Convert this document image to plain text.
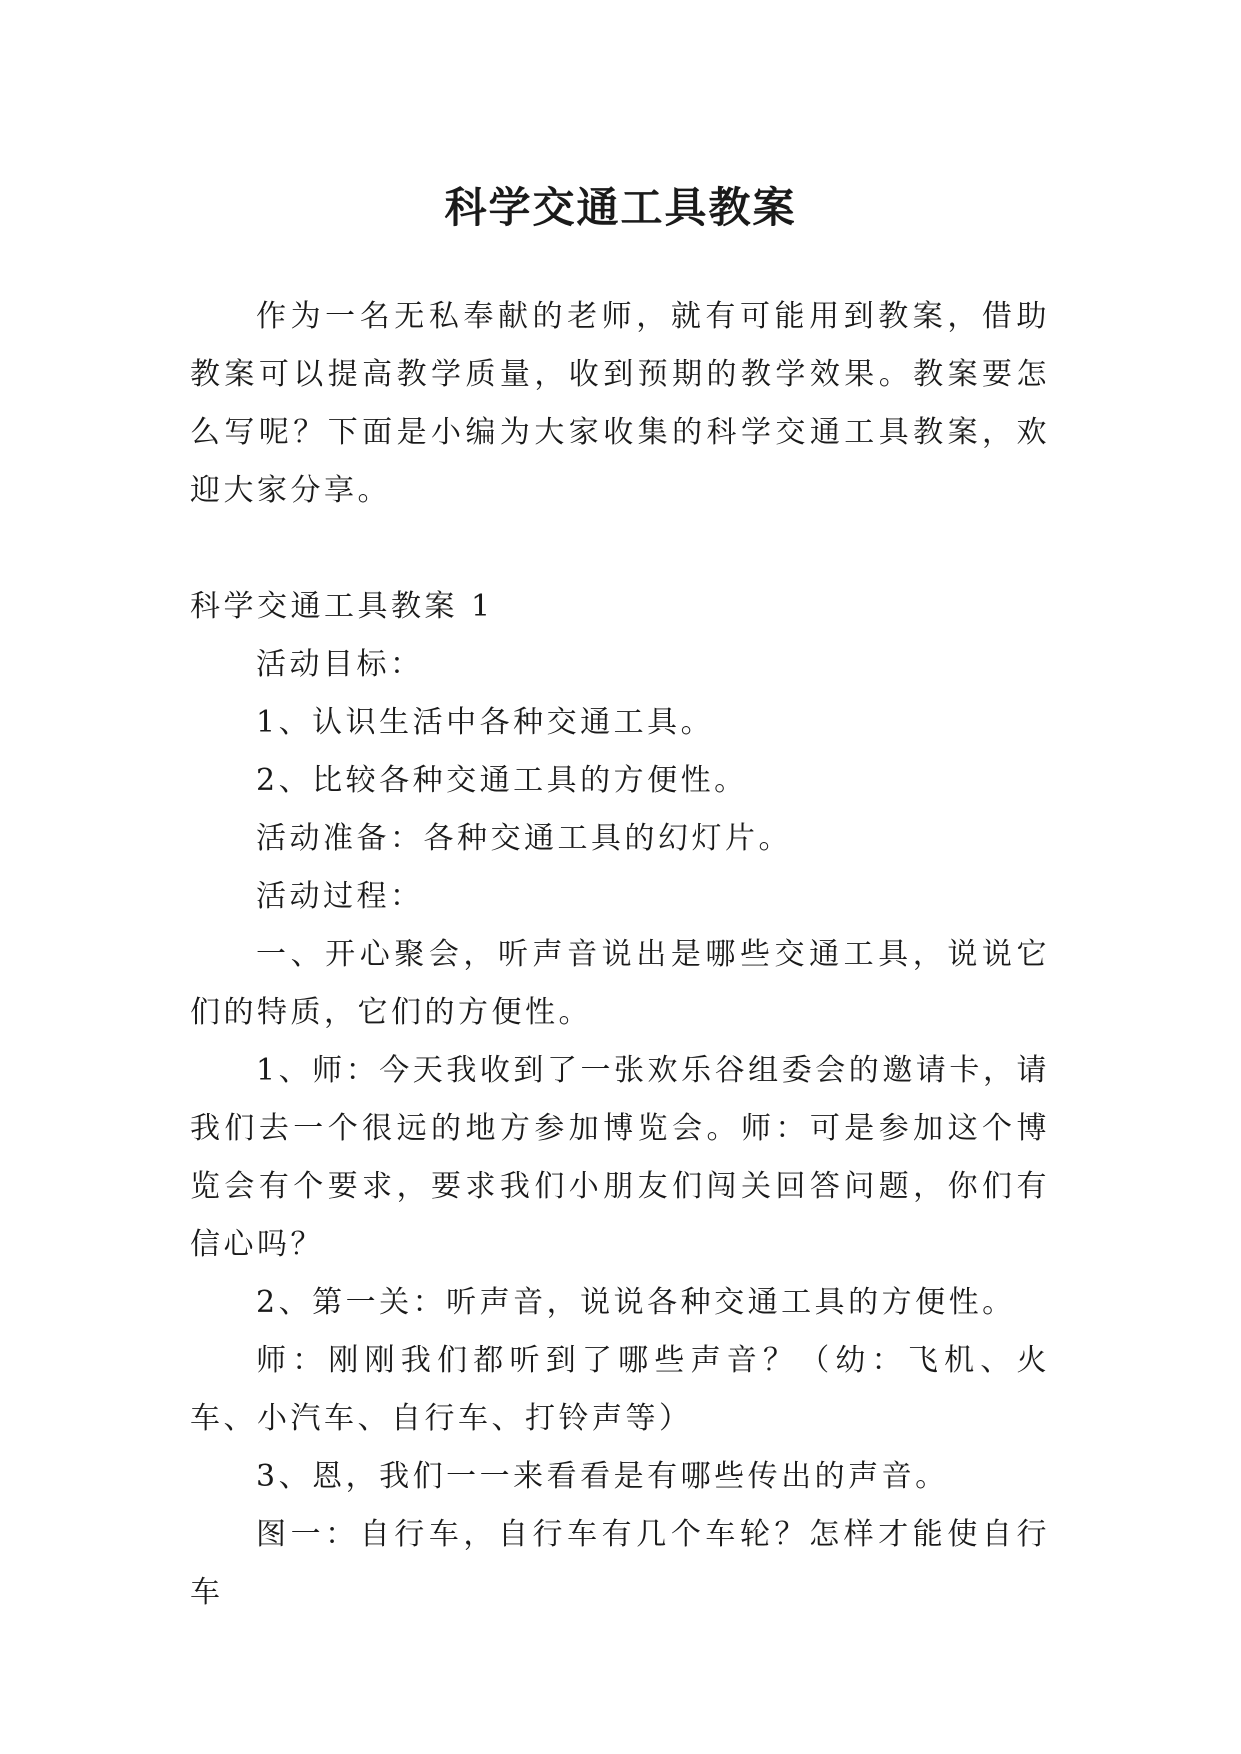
科学交通工具教案

作为一名无私奉献的老师，就有可能用到教案，借助教案可以提高教学质量，收到预期的教学效果。教案要怎么写呢？下面是小编为大家收集的科学交通工具教案，欢迎大家分享。

科学交通工具教案 1

活动目标：

1、认识生活中各种交通工具。

2、比较各种交通工具的方便性。

活动准备：各种交通工具的幻灯片。

活动过程：

一、开心聚会，听声音说出是哪些交通工具，说说它们的特质，它们的方便性。

1、师：今天我收到了一张欢乐谷组委会的邀请卡，请我们去一个很远的地方参加博览会。师：可是参加这个博览会有个要求，要求我们小朋友们闯关回答问题，你们有信心吗？

2、第一关：听声音，说说各种交通工具的方便性。

师：刚刚我们都听到了哪些声音？（幼：飞机、火车、小汽车、自行车、打铃声等）

3、恩，我们一一来看看是有哪些传出的声音。

图一：自行车，自行车有几个车轮？怎样才能使自行车
